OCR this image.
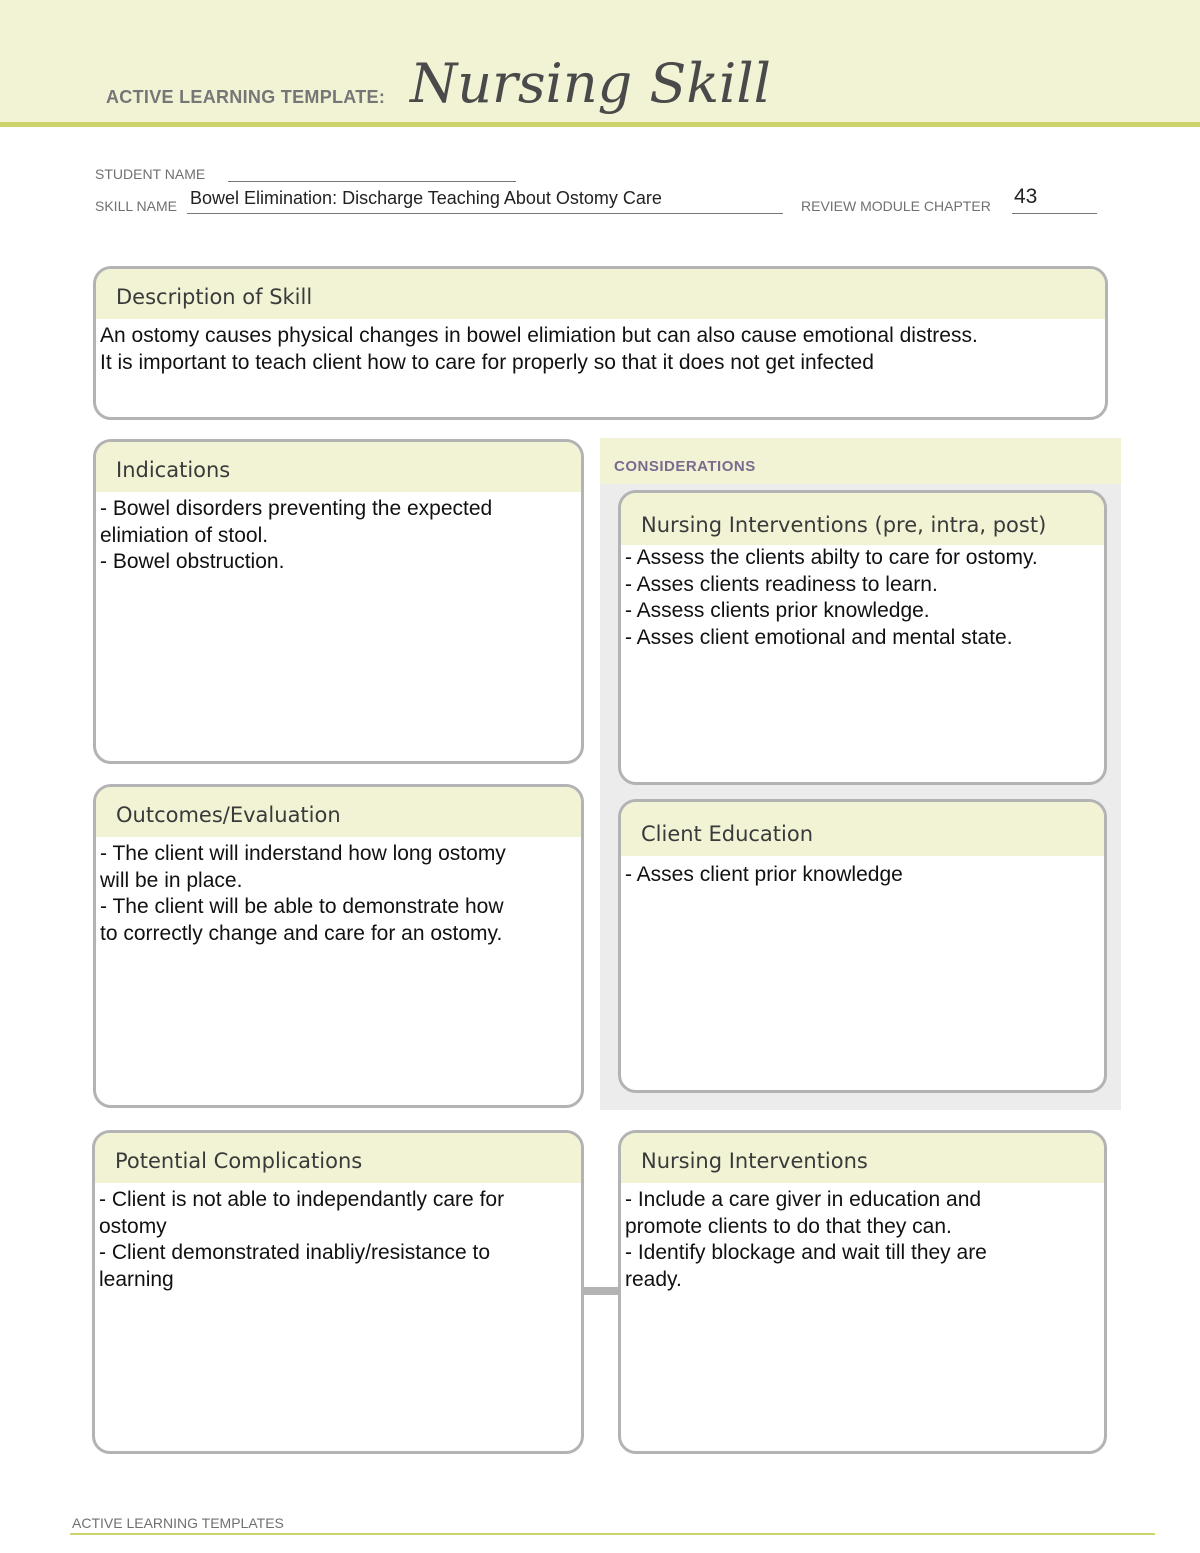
ACTIVE LEARNING TEMPLATE: Nursing Skill
STUDENT NAME
SKILL NAME Bowel Elimination: Discharge Teaching About Ostomy Care	REVIEW MODULE CHAPTER 43
Description of Skill
An ostomy causes physical changes in bowel elimiation but can also cause emotional distress.
It is important to teach client how to care for properly so that it does not get infected
CONSIDERATIONS
Indications
- Bowel disorders preventing the expected
elimiation of stool.
- Bowel obstruction.
Nursing Interventions (pre, intra, post)
- Assess the clients abilty to care for ostomy.
- Asses clients readiness to learn.
- Assess clients prior knowledge.
- Asses client emotional and mental state.
Outcomes/Evaluation
- The client will inderstand how long ostomy
will be in place.
- The client will be able to demonstrate how
to correctly change and care for an ostomy.
Client Education
- Asses client prior knowledge
Potential Complications
- Client is not able to independantly care for
ostomy
- Client demonstrated inabliy/resistance to
learning
Nursing Interventions
- Include a care giver in education and
promote clients to do that they can.
- Identify blockage and wait till they are
ready.
ACTIVE LEARNING TEMPLATES
